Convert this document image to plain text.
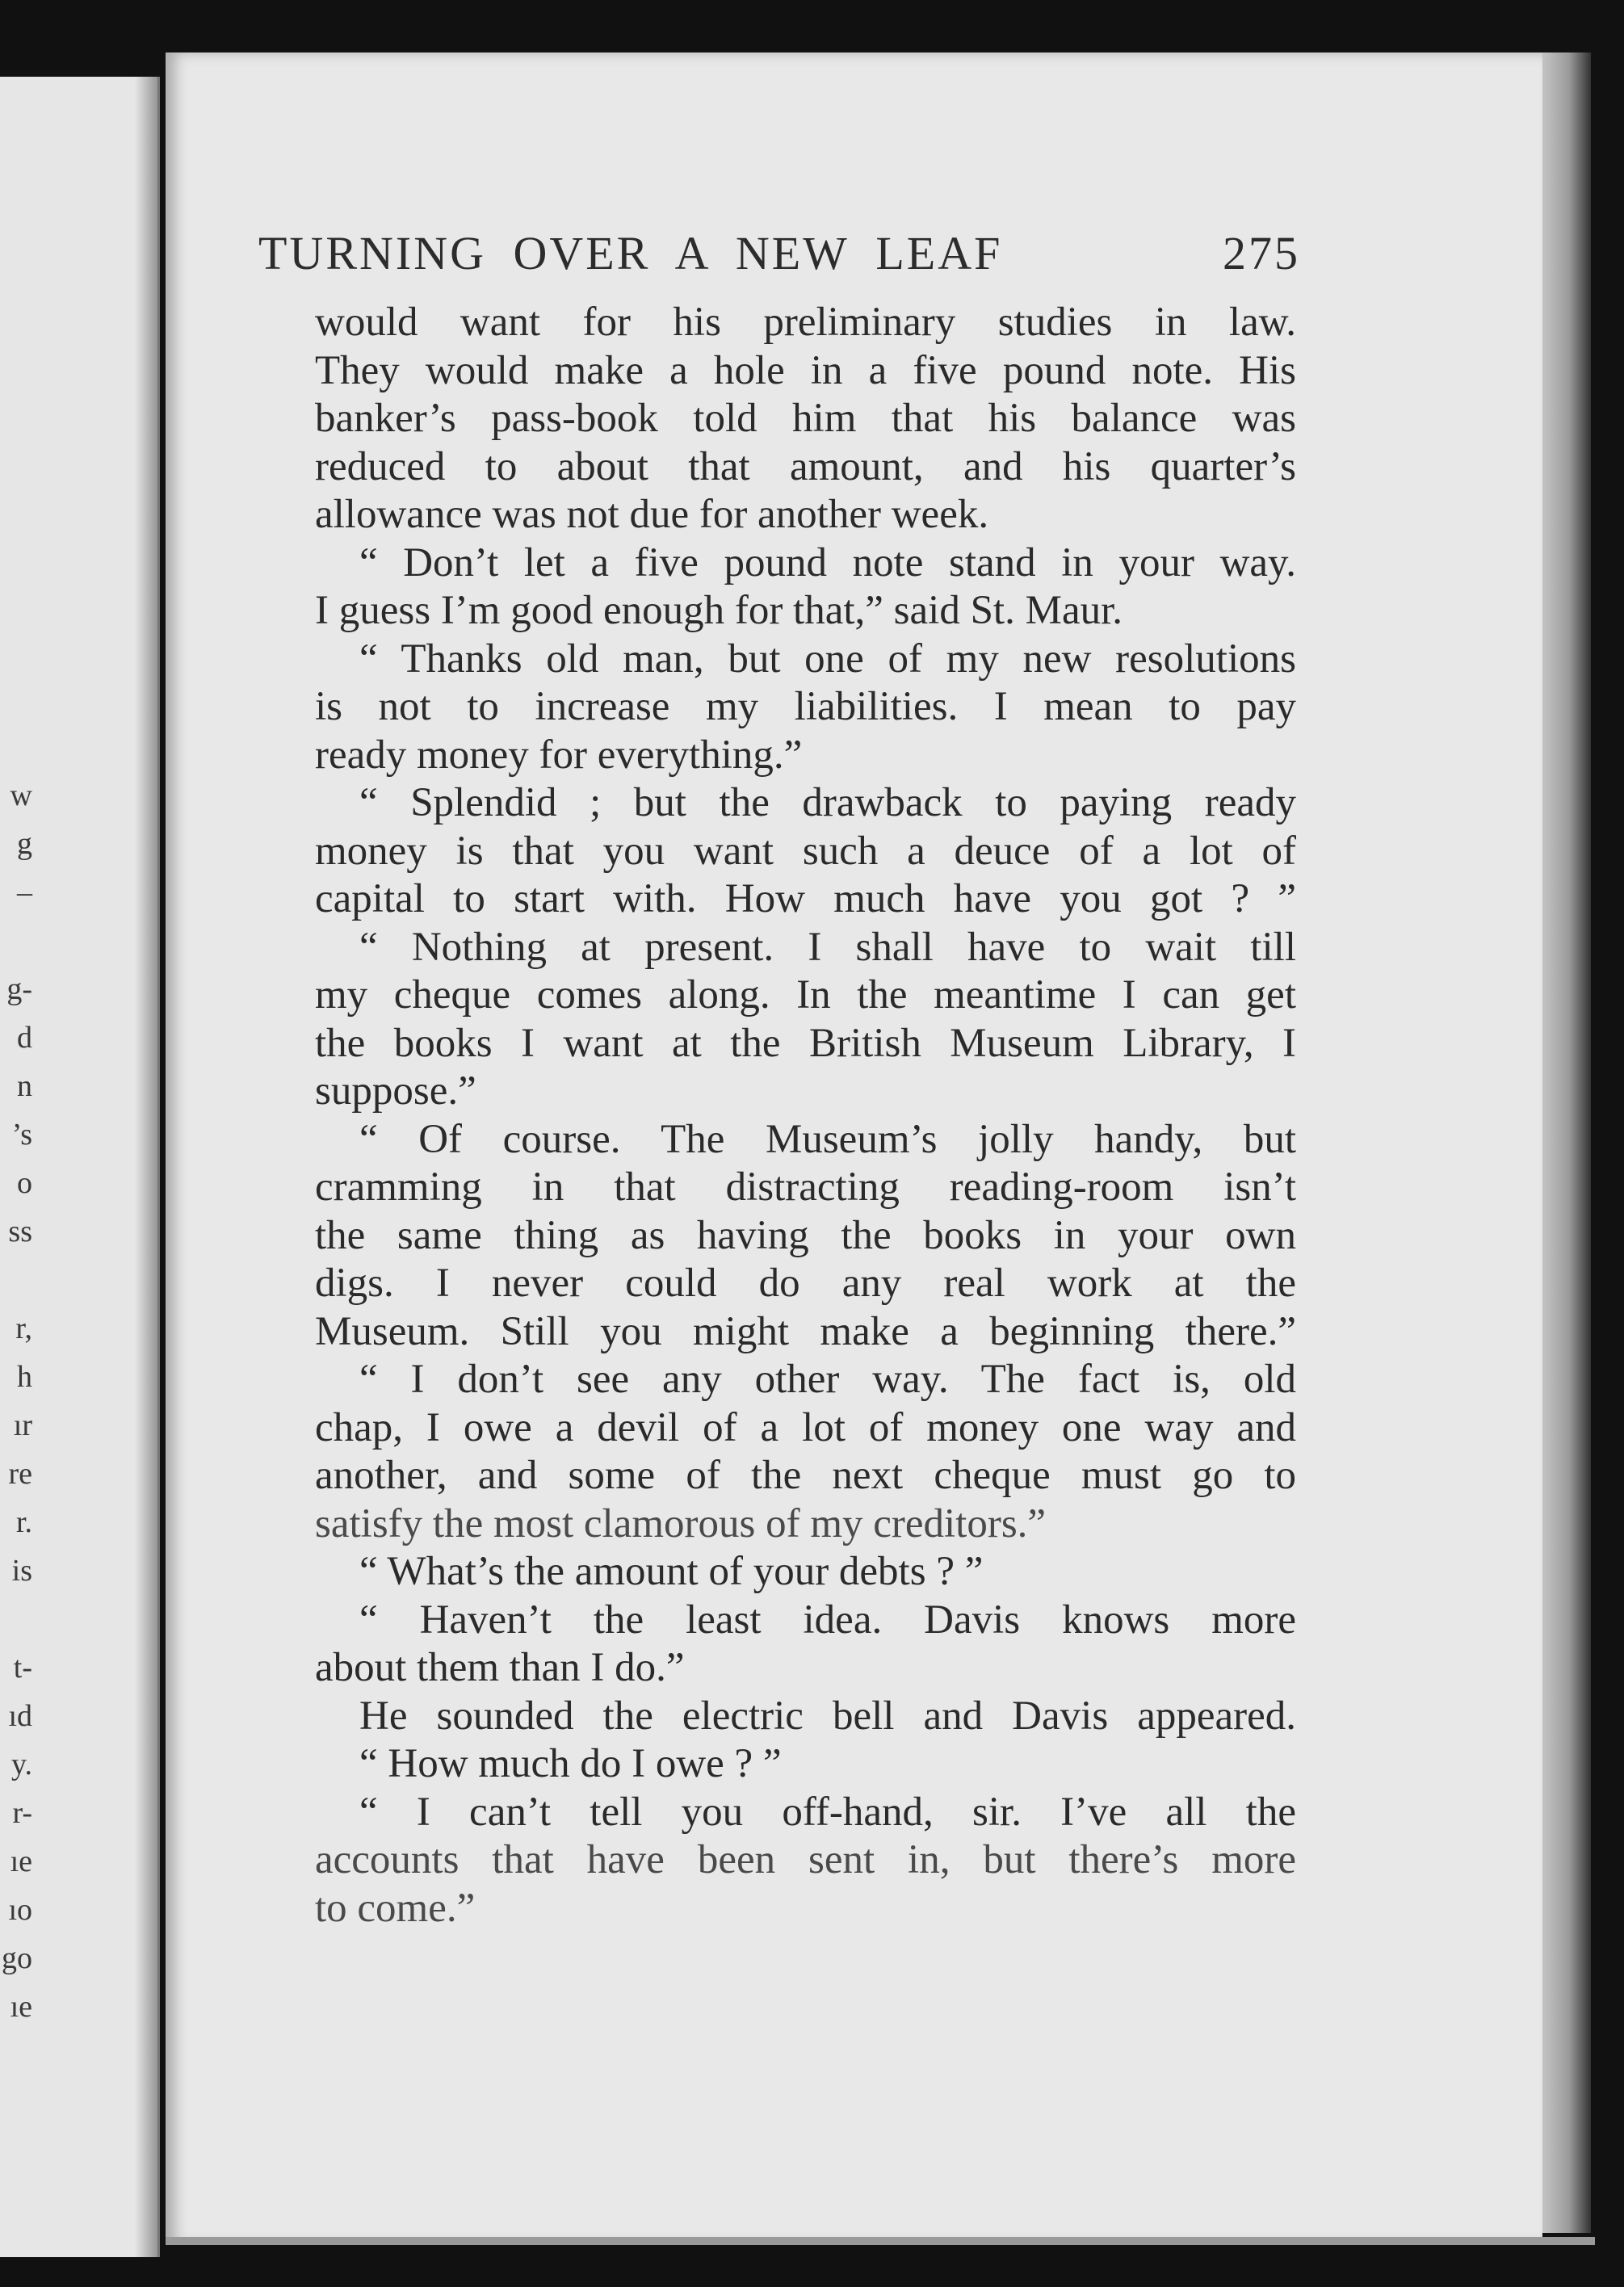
w
g
–
g-
d
n
’s
o
ss
r,
h
ır
re
r.
is
t-
ıd
y.
r-
ıe
ıo
go
ıe
TURNING OVER A NEW LEAF	275
would want for his preliminary studies in law.
They would make a hole in a five pound note. His
banker’s pass-book told him that his balance was
reduced to about that amount, and his quarter’s
allowance was not due for another week.
“ Don’t let a five pound note stand in your way.
I guess I’m good enough for that,” said St. Maur.
“ Thanks old man, but one of my new resolutions
is not to increase my liabilities. I mean to pay
ready money for everything.”
“ Splendid ; but the drawback to paying ready
money is that you want such a deuce of a lot of
capital to start with. How much have you got ? ”
“ Nothing at present. I shall have to wait till
my cheque comes along. In the meantime I can get
the books I want at the British Museum Library, I
suppose.”
“ Of course. The Museum’s jolly handy, but
cramming in that distracting reading-room isn’t
the same thing as having the books in your own
digs. I never could do any real work at the
Museum. Still you might make a beginning there.”
“ I don’t see any other way. The fact is, old
chap, I owe a devil of a lot of money one way and
another, and some of the next cheque must go to
satisfy the most clamorous of my creditors.”
“ What’s the amount of your debts ? ”
“ Haven’t the least idea. Davis knows more
about them than I do.”
He sounded the electric bell and Davis appeared.
“ How much do I owe ? ”
“ I can’t tell you off-hand, sir. I’ve all the
accounts that have been sent in, but there’s more
to come.”
